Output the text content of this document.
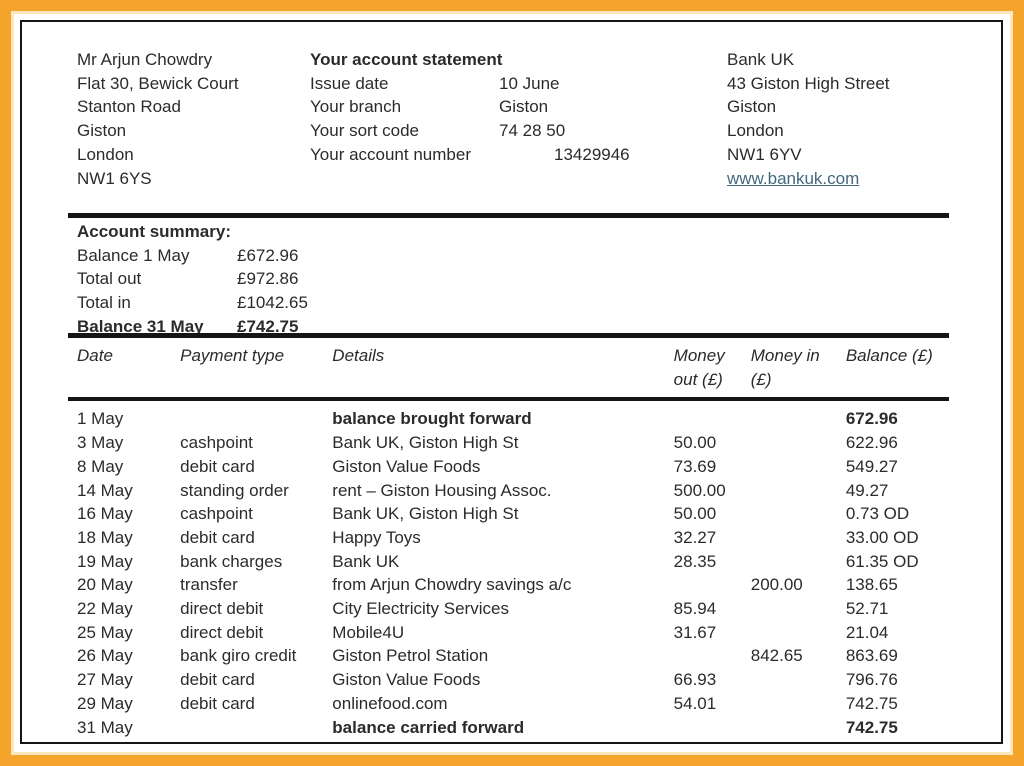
Mr Arjun Chowdry
Flat 30, Bewick Court
Stanton Road
Giston
London
NW1 6YS
Your account statement
Issue date	10 June
Your branch	Giston
Your sort code	74 28 50
Your account number	13429946
Bank UK
43 Giston High Street
Giston
London
NW1 6YV
www.bankuk.com
Account summary:
Balance 1 May	£672.96
Total out	£972.86
Total in	£1042.65
Balance 31 May £742.75
Date	Payment type	Details	Money out (£)	Money in (£)	Balance (£)
1 May		balance brought forward			672.96
3 May	cashpoint	Bank UK, Giston High St	50.00		622.96
8 May	debit card	Giston Value Foods	73.69		549.27
14 May	standing order	rent – Giston Housing Assoc.	500.00		49.27
16 May	cashpoint	Bank UK, Giston High St	50.00		0.73 OD
18 May	debit card	Happy Toys	32.27		33.00 OD
19 May	bank charges	Bank UK	28.35		61.35 OD
20 May	transfer	from Arjun Chowdry savings a/c		200.00	138.65
22 May	direct debit	City Electricity Services	85.94		52.71
25 May	direct debit	Mobile4U	31.67		21.04
26 May	bank giro credit	Giston Petrol Station		842.65	863.69
27 May	debit card	Giston Value Foods	66.93		796.76
29 May	debit card	onlinefood.com	54.01		742.75
31 May		balance carried forward			742.75
